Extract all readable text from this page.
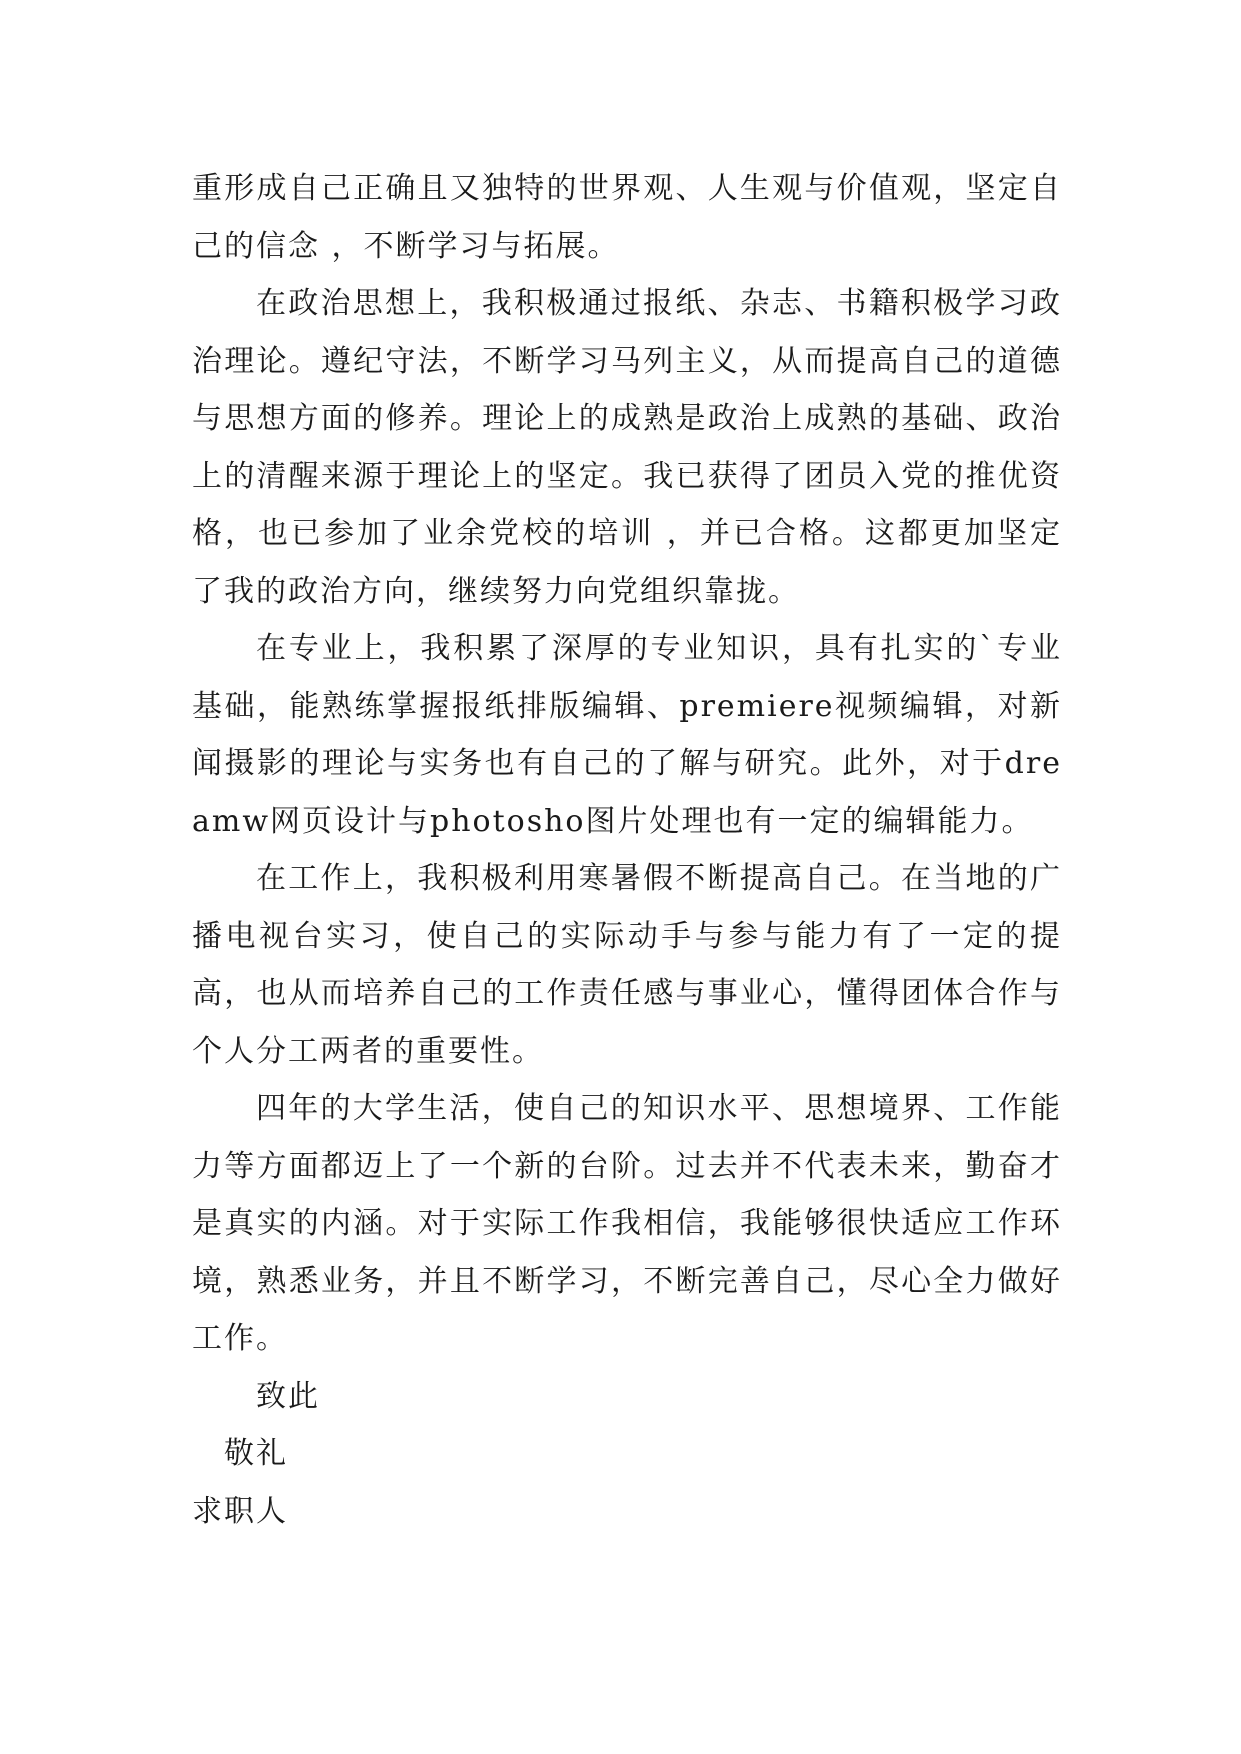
重形成自己正确且又独特的世界观、人生观与价值观，坚定自己的信念 ，不断学习与拓展。

在政治思想上，我积极通过报纸、杂志、书籍积极学习政治理论。遵纪守法，不断学习马列主义，从而提高自己的道德与思想方面的修养。理论上的成熟是政治上成熟的基础、政治上的清醒来源于理论上的坚定。我已获得了团员入党的推优资格，也已参加了业余党校的培训 ，并已合格。这都更加坚定了我的政治方向，继续努力向党组织靠拢。

在专业上，我积累了深厚的专业知识，具有扎实的`专业基础，能熟练掌握报纸排版编辑、premiere视频编辑，对新闻摄影的理论与实务也有自己的了解与研究。此外，对于dreamw网页设计与photosho图片处理也有一定的编辑能力。

在工作上，我积极利用寒暑假不断提高自己。在当地的广播电视台实习，使自己的实际动手与参与能力有了一定的提高，也从而培养自己的工作责任感与事业心，懂得团体合作与个人分工两者的重要性。

四年的大学生活，使自己的知识水平、思想境界、工作能力等方面都迈上了一个新的台阶。过去并不代表未来，勤奋才是真实的内涵。对于实际工作我相信，我能够很快适应工作环境，熟悉业务，并且不断学习，不断完善自己，尽心全力做好工作。

致此

敬礼

求职人
